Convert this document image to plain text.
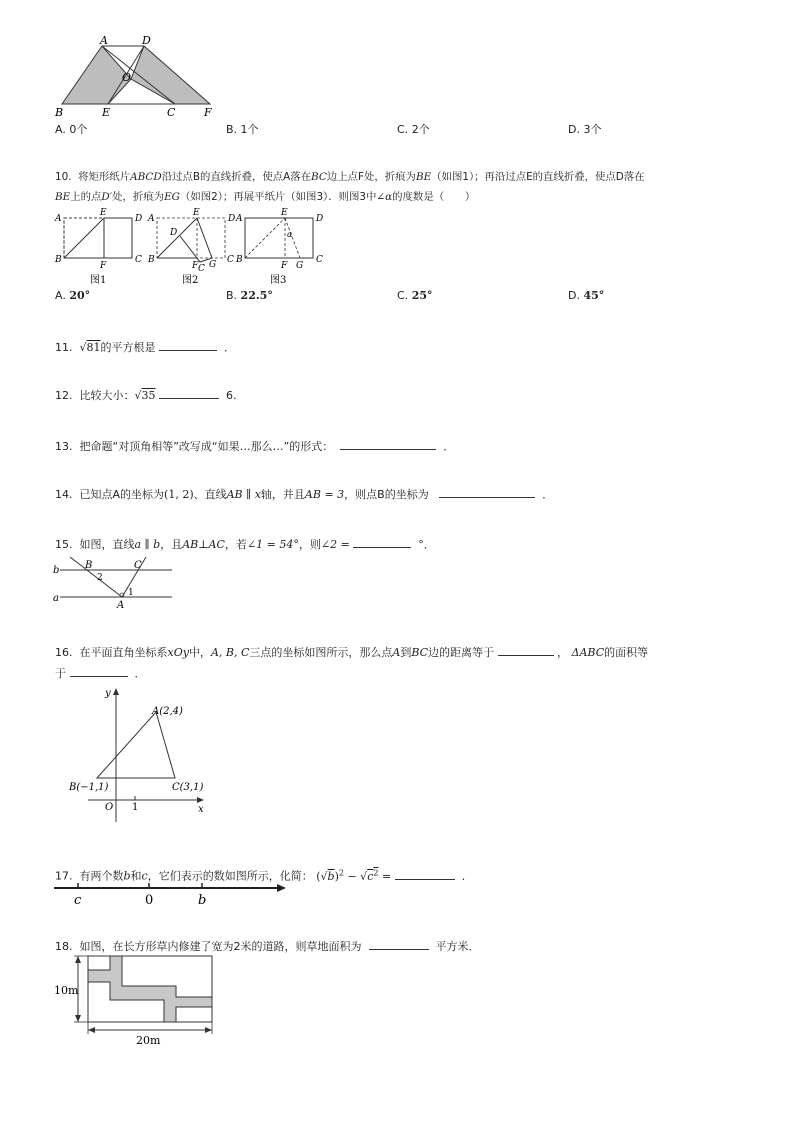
A	D
O
B	E	C	F
A. 0个	B. 1个	C. 2个	D. 3个
10. 将矩形纸片ABCD沿过点B的直线折叠，使点A落在BC边上点F处，折痕为BE（如图1）；再沿过点E的直线折叠，使点D落在
BE上的点D′处，折痕为EG（如图2）；再展平纸片（如图3）．则图3中∠α的度数是（　　）
A
E
D
B
F
C
A
E
D
D
B
F C G C
A
E
D
α
B
F G
C
图1	图2	图3
A. 20°	B. 22.5°	C. 25°	D. 45°
11. √81的平方根是	．
12. 比较大小：√35	6.
13. 把命题“对顶角相等”改写成“如果…那么…”的形式：	．
14. 已知点A的坐标为(1, 2)、直线AB ∥ x轴，并且AB = 3，则点B的坐标为	．
15. 如图，直线a ∥ b，且AB⊥AC，若∠1 = 54°，则∠2 =	°．
b
a
B	C
A
2
1
16. 在平面直角坐标系xOy中，A, B, C三点的坐标如图所示，那么点A到BC边的距离等于	， ΔABC的面积等
于	．
y
x
O 1
A(2,4)
B(−1,1)	C(3,1)
17. 有两个数b和c，它们表示的数如图所示，化简： $(√b)^2 - √c^2$ =	．
c	0	b
18. 如图，在长方形草内修建了宽为2米的道路，则草地面积为	平方米．
10m
20m
